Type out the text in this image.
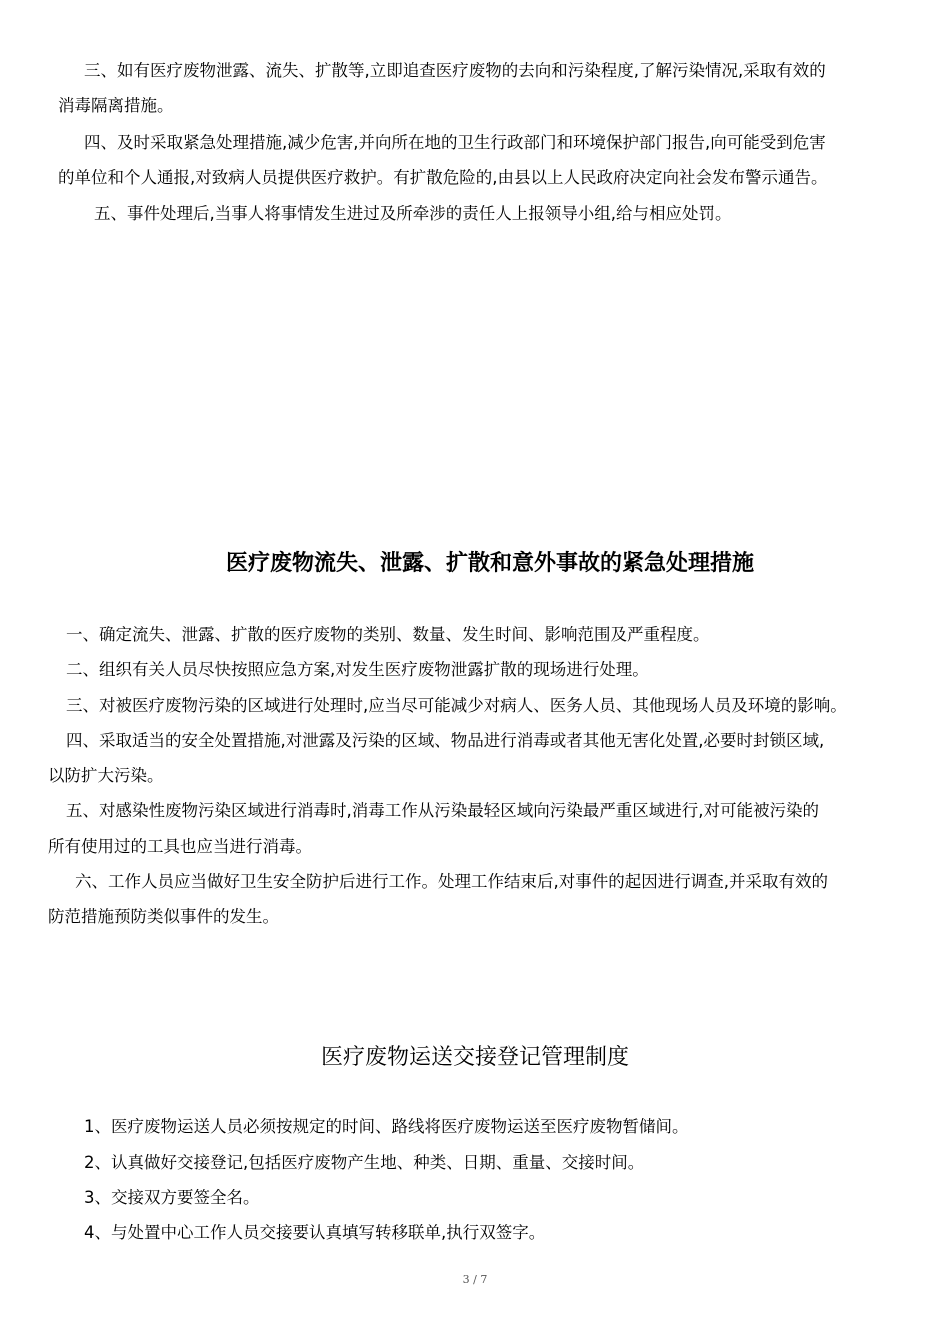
三、如有医疗废物泄露、流失、扩散等,立即追查医疗废物的去向和污染程度,了解污染情况,采取有效的
消毒隔离措施。
四、及时采取紧急处理措施,减少危害,并向所在地的卫生行政部门和环境保护部门报告,向可能受到危害
的单位和个人通报,对致病人员提供医疗救护。有扩散危险的,由县以上人民政府决定向社会发布警示通告。
五、事件处理后,当事人将事情发生进过及所牵涉的责任人上报领导小组,给与相应处罚。
医疗废物流失、泄露、扩散和意外事故的紧急处理措施
一、确定流失、泄露、扩散的医疗废物的类别、数量、发生时间、影响范围及严重程度。
二、组织有关人员尽快按照应急方案,对发生医疗废物泄露扩散的现场进行处理。
三、对被医疗废物污染的区域进行处理时,应当尽可能减少对病人、医务人员、其他现场人员及环境的影响。
四、采取适当的安全处置措施,对泄露及污染的区域、物品进行消毒或者其他无害化处置,必要时封锁区域,
以防扩大污染。
五、对感染性废物污染区域进行消毒时,消毒工作从污染最轻区域向污染最严重区域进行,对可能被污染的
所有使用过的工具也应当进行消毒。
六、工作人员应当做好卫生安全防护后进行工作。处理工作结束后,对事件的起因进行调查,并采取有效的
防范措施预防类似事件的发生。
医疗废物运送交接登记管理制度
1、医疗废物运送人员必须按规定的时间、路线将医疗废物运送至医疗废物暂储间。
2、认真做好交接登记,包括医疗废物产生地、种类、日期、重量、交接时间。
3、交接双方要签全名。
4、与处置中心工作人员交接要认真填写转移联单,执行双签字。
3 / 7
